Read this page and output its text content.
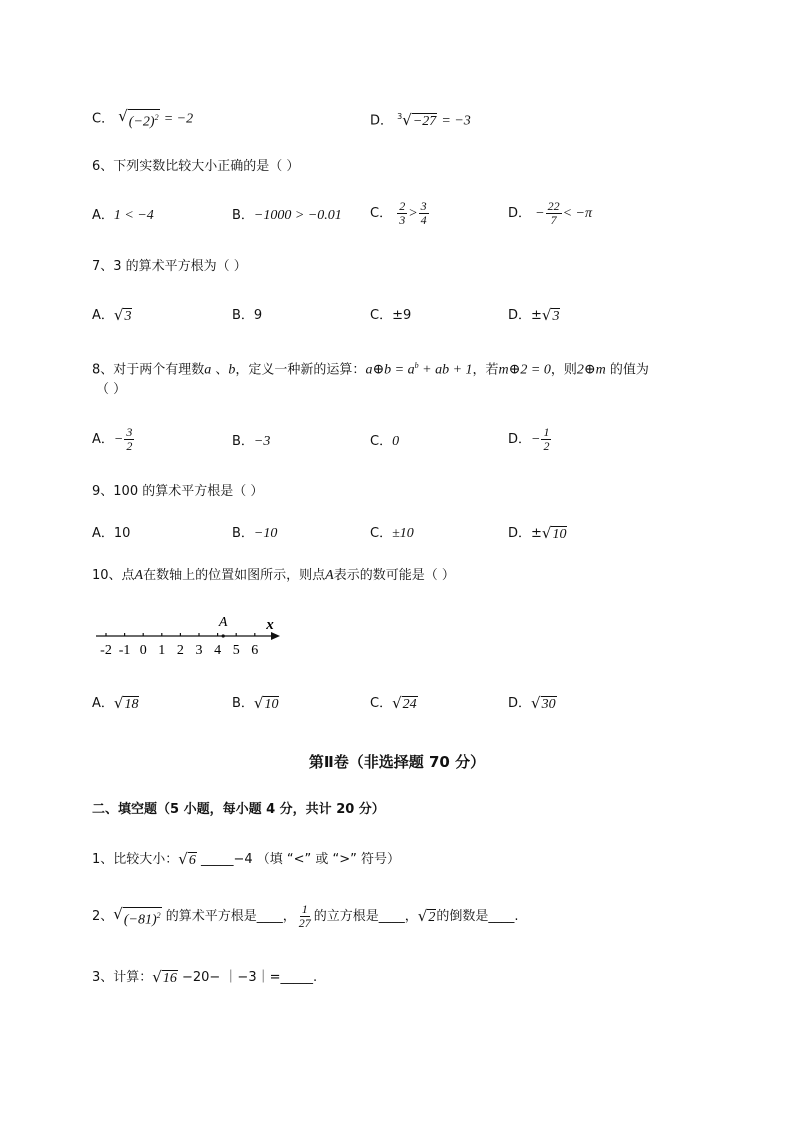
C． √ $(-2)^2 = -2$	D． $^3$ √ −27 = −3
6、下列实数比较大小正确的是（ ）
A．1 < −4	B．−1000 > −0.01 C． $\frac{2}{3} > \frac{3}{4}$	D． − $\frac{22}{7} < -\pi$
7、3 的算术平方根为（ ）
A． √ 3	B．9	C．±9	D．± √ 3
8、对于两个有理数a 、b，定义一种新的运算：a⊕b = $a^b$ + ab + 1，若m⊕2 = 0，则2⊕m 的值为
（ ）
A．− $\frac{3}{2}$	B．−3	C．0	D．− $\frac{1}{2}$
9、100 的算术平方根是（ ）
A．10	B．−10	C．±10	D．± √ 10
10、点A在数轴上的位置如图所示，则点A表示的数可能是（ ）
-2 -1 0 1 2 3 4 5 6
A	x
A． √ 18	B． √ 10	C． √ 24	D． √ 30
第Ⅱ卷（非选择题 70 分）
二、填空题（5 小题，每小题 4 分，共计 20 分）
1、比较大小： √ 6 _____−4 （填 “<” 或 “>” 符号）
2、 √ $(-81)^2$ 的算术平方根是____， $\frac{1}{27}$ 的立方根是____， √ 2 的倒数是____.
3、计算： √ 16 −20− ｜−3｜=_____.
